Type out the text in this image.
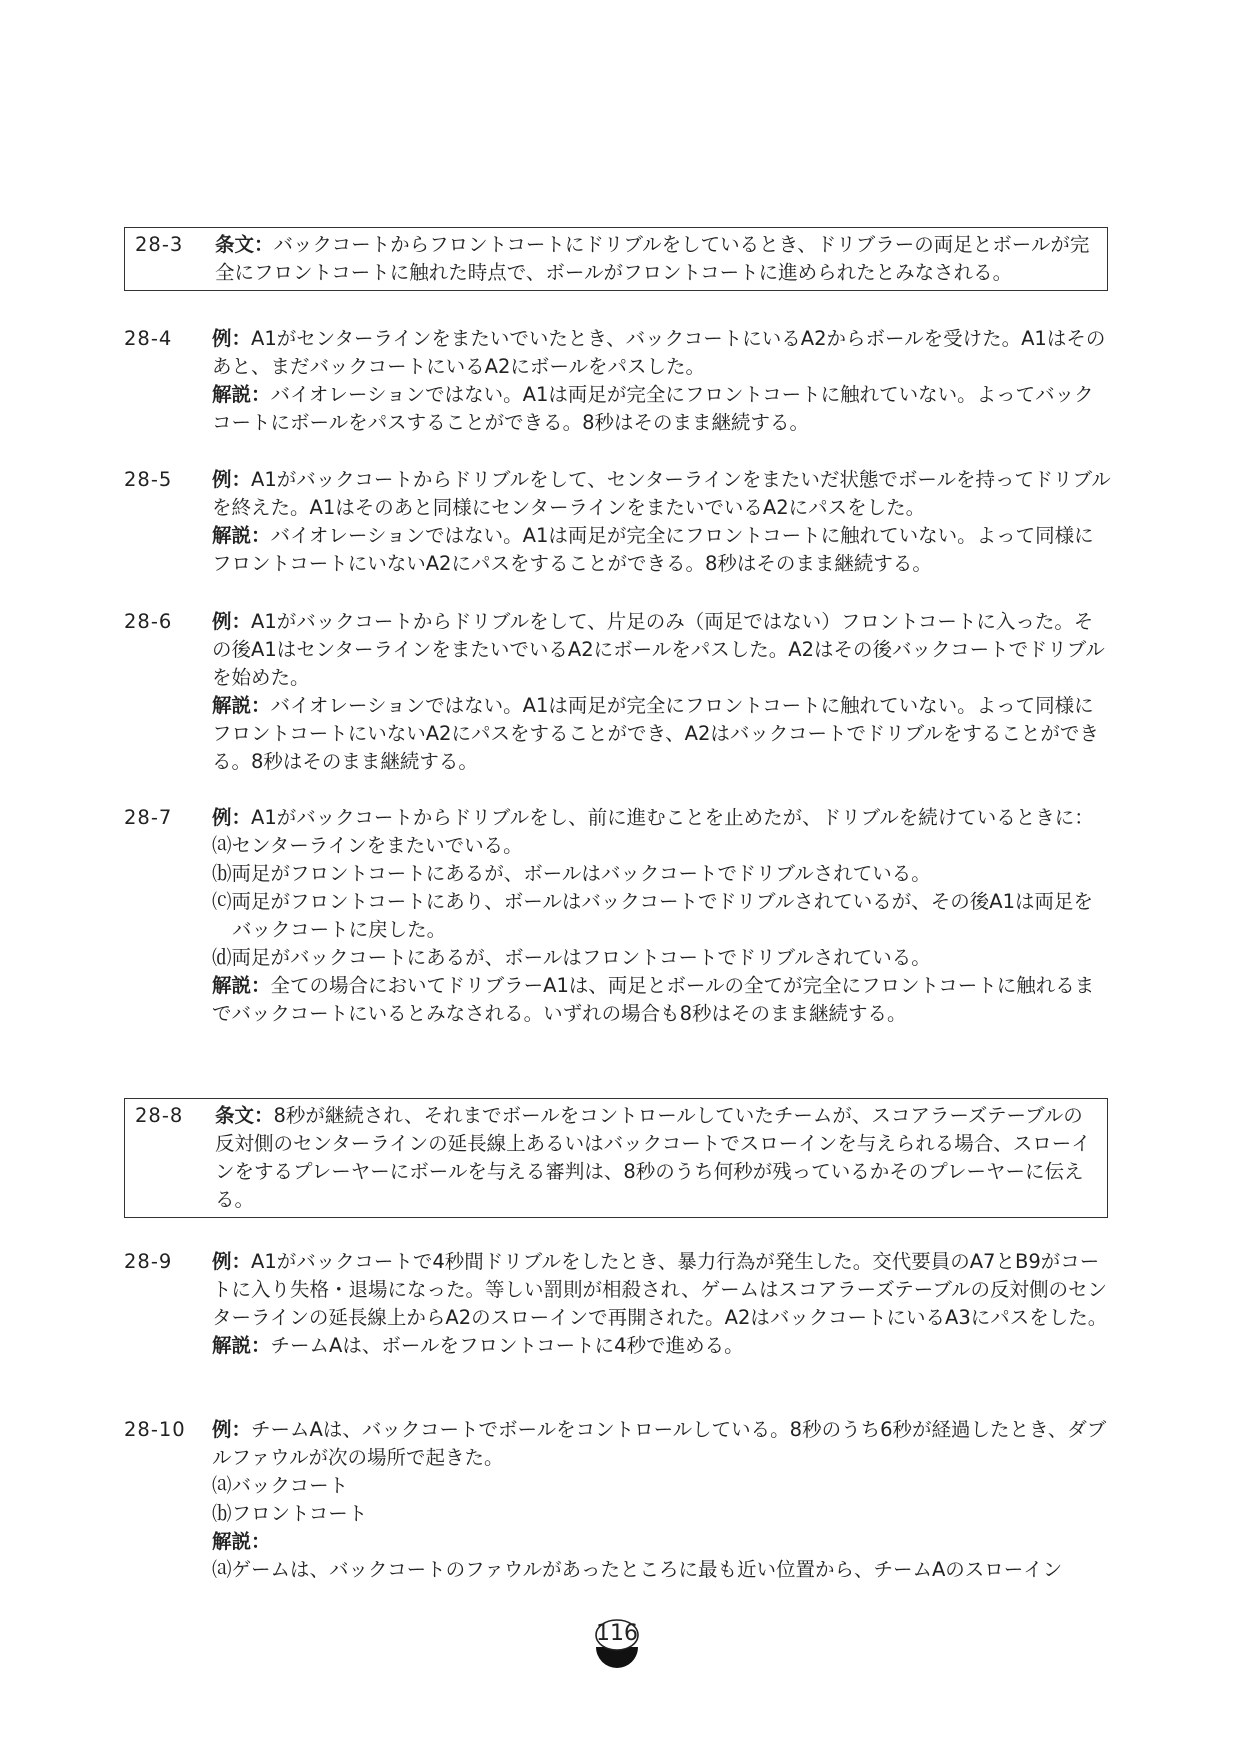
28-3	条文：バックコートからフロントコートにドリブルをしているとき、ドリブラーの両足とボールが完全にフロントコートに触れた時点で、ボールがフロントコートに進められたとみなされる。

28-4	例：A1がセンターラインをまたいでいたとき、バックコートにいるA2からボールを受けた。A1はそのあと、まだバックコートにいるA2にボールをパスした。

解説：バイオレーションではない。A1は両足が完全にフロントコートに触れていない。よってバックコートにボールをパスすることができる。8秒はそのまま継続する。

28-5	例：A1がバックコートからドリブルをして、センターラインをまたいだ状態でボールを持ってドリブルを終えた。A1はそのあと同様にセンターラインをまたいでいるA2にパスをした。

解説：バイオレーションではない。A1は両足が完全にフロントコートに触れていない。よって同様にフロントコートにいないA2にパスをすることができる。8秒はそのまま継続する。

28-6	例：A1がバックコートからドリブルをして、片足のみ（両足ではない）フロントコートに入った。その後A1はセンターラインをまたいでいるA2にボールをパスした。A2はその後バックコートでドリブルを始めた。

解説：バイオレーションではない。A1は両足が完全にフロントコートに触れていない。よって同様にフロントコートにいないA2にパスをすることができ、A2はバックコートでドリブルをすることができる。8秒はそのまま継続する。

28-7	例：A1がバックコートからドリブルをし、前に進むことを止めたが、ドリブルを続けているときに：

⒜センターラインをまたいでいる。

⒝両足がフロントコートにあるが、ボールはバックコートでドリブルされている。

⒞両足がフロントコートにあり、ボールはバックコートでドリブルされているが、その後A1は両足をバックコートに戻した。

⒟両足がバックコートにあるが、ボールはフロントコートでドリブルされている。

解説：全ての場合においてドリブラーA1は、両足とボールの全てが完全にフロントコートに触れるまでバックコートにいるとみなされる。いずれの場合も8秒はそのまま継続する。

28-8	条文：8秒が継続され、それまでボールをコントロールしていたチームが、スコアラーズテーブルの反対側のセンターラインの延長線上あるいはバックコートでスローインを与えられる場合、スローインをするプレーヤーにボールを与える審判は、8秒のうち何秒が残っているかそのプレーヤーに伝える。

28-9	例：A1がバックコートで4秒間ドリブルをしたとき、暴力行為が発生した。交代要員のA7とB9がコートに入り失格・退場になった。等しい罰則が相殺され、ゲームはスコアラーズテーブルの反対側のセンターラインの延長線上からA2のスローインで再開された。A2はバックコートにいるA3にパスをした。

解説：チームAは、ボールをフロントコートに4秒で進める。

28-10	例：チームAは、バックコートでボールをコントロールしている。8秒のうち6秒が経過したとき、ダブルファウルが次の場所で起きた。

⒜バックコート

⒝フロントコート

解説：

⒜ゲームは、バックコートのファウルがあったところに最も近い位置から、チームAのスローイン

116
